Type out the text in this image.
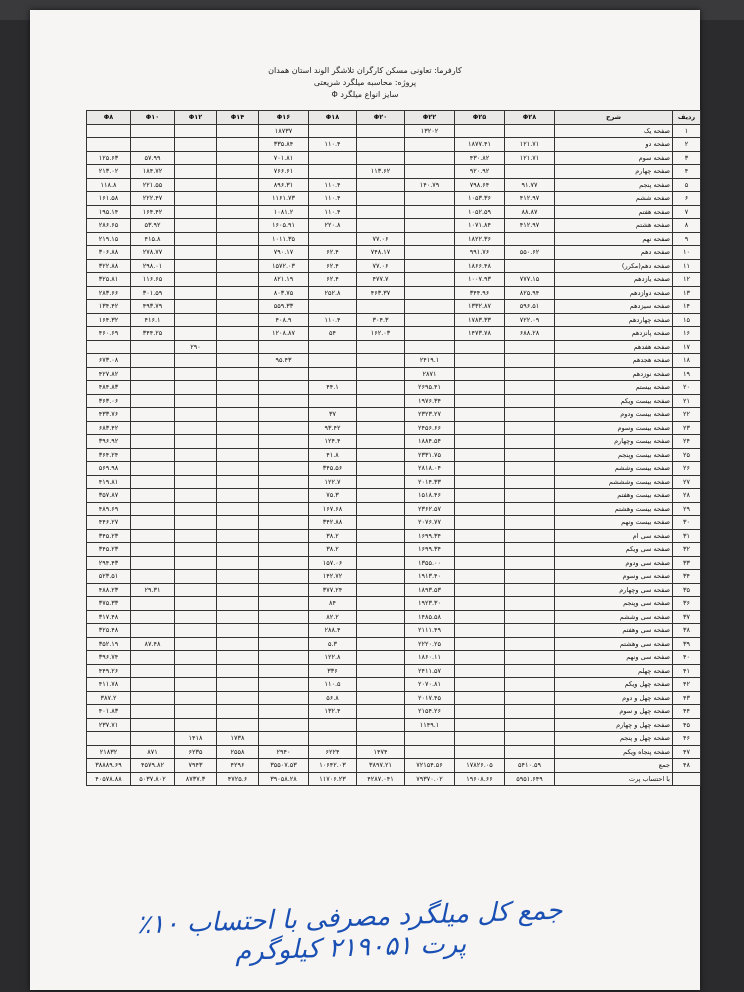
کارفرما: تعاونی مسکن کارگران تلاشگر الوند استان همدان
پروژه: محاسبه میلگرد شریعتی
سایز انواع میلگرد Φ
ردیف	شرح	Φ۲۸	Φ۲۵	Φ۲۲	Φ۲۰	Φ۱۸	Φ۱۶	Φ۱۴	Φ۱۲	Φ۱۰	Φ۸
۱	صفحه یک			۱۳۲۰۲			۱۸۷۳۷				
۲	صفحه دو	۱۲۱.۷۱	۱۸۷۷.۴۱			۱۱۰.۴	۳۳۵.۸۴				
۳	صفحه سوم	۱۲۱.۷۱	۴۳۰.۸۲				۷۰۱.۸۱			۵۷.۹۹	۱۲۵.۶۳
۴	صفحه چهارم		۹۲۰.۹۲		۱۱۳.۶۲		۷۶۶.۶۱			۱۸۴.۷۲	۲۱۳.۰۲
۵	صفحه پنجم	۹۱.۷۷	۷۹۸.۶۴	۱۴۰.۷۹		۱۱۰.۴	۸۹۶.۳۱			۲۲۱.۵۵	۱۱۸.۸
۶	صفحه ششم	۴۱۲.۹۷	۱۰۵۳.۳۶			۱۱۰.۴	۱۱۶۱.۷۳			۲۲۲.۴۷	۱۶۱.۵۸
۷	صفحه هفتم	۸۸.۸۷	۱۰۵۲.۵۹			۱۱۰.۴	۱۰۸۱.۲			۱۶۴.۴۲	۱۹۵.۱۴
۸	صفحه هشتم	۴۱۲.۹۷	۱۰۷۱.۸۴			۲۲۰.۸	۱۶۰۵.۹۱			۵۳.۹۲	۲۸۶.۶۵
۹	صفحه نهم		۱۸۲۲.۳۶		۷۷.۰۶		۱۰۱۱.۳۵			۴۱۵.۸	۲۱۹.۱۵
۱۰	صفحه دهم	۵۵۰.۶۲	۹۹۱.۷۶		۷۴۸.۱۷	۶۲.۴	۷۹۰.۱۷			۲۷۸.۷۷	۳۰۶.۸۸
۱۱	صفحه دهم(مکرر)		۱۸۶۶.۴۸		۷۷.۰۶	۶۲.۴	۱۵۷۲.۰۳			۲۹۸.۰۱	۳۲۲.۸۸
۱۲	صفحه یازدهم	۷۷۷.۱۵	۱۰۰۷.۹۳		۴۷۷.۷	۶۲.۴	۸۲۱.۱۹			۱۱۶.۶۵	۳۲۵.۸۱
۱۳	صفحه دوازدهم	۸۲۵.۹۴	۳۴۴.۹۶		۴۶۳.۳۷	۲۵۲.۸	۸۰۳.۷۵			۳۰۱.۵۹	۲۸۳.۶۶
۱۴	صفحه سیزدهم	۵۹۶.۵۱	۱۳۳۲.۸۷				۵۵۹.۳۳			۴۹۳.۷۹	۱۳۴.۴۲
۱۵	صفحه چهاردهم	۷۲۲.۰۹	۱۷۸۳.۳۳		۳۰۴.۳	۱۱۰.۴	۴۰۸.۹			۴۱۶.۱	۱۶۴.۳۲
۱۶	صفحه پانزدهم	۶۸۸.۲۸	۱۴۷۳.۷۸		۱۶۲.۰۳	۵۴	۱۲۰۸.۸۷			۳۴۴.۲۵	۴۶۰.۶۹
۱۷	صفحه هفدهم								۲۹۰		
۱۸	صفحه هجدهم			۲۴۱۹.۱			۹۵.۴۳				۶۷۳.۰۸
۱۹	صفحه نوزدهم			۲۸۷۱							۴۲۷.۸۲
۲۰	صفحه بیستم			۲۶۹۵.۴۱		۴۴.۱					۴۸۴.۸۳
۲۱	صفحه بیست ویکم			۱۹۷۶.۳۴							۳۶۳.۰۶
۲۲	صفحه بیست ودوم			۲۳۲۳.۲۷		۳۷					۴۳۳.۷۶
۲۳	صفحه بیست وسوم			۲۴۵۶.۶۶		۹۳.۴۲					۶۸۳.۴۲
۲۴	صفحه بیست وچهارم			۱۸۸۴.۵۴		۱۲۴.۴					۳۹۶.۹۲
۲۵	صفحه بیست وپنجم			۲۳۳۱.۷۵		۴۱.۸					۳۶۴.۲۴
۲۶	صفحه بیست وششم			۲۸۱۸.۰۴		۳۴۵.۵۶					۵۶۹.۹۸
۲۷	صفحه بیست وشششم			۲۰۱۴.۳۳		۱۲۲.۷					۴۱۹.۸۱
۲۸	صفحه بیست وهفتم			۱۵۱۸.۴۶		۷۵.۳					۳۵۷.۸۷
۲۹	صفحه بیست وهشتم			۲۳۶۲.۵۷		۱۶۷.۶۸					۴۸۹.۶۹
۳۰	صفحه بیست ونهم			۲۰۷۶.۷۷		۳۴۲.۸۸					۴۴۶.۲۷
۳۱	صفحه سی ام			۱۶۹۹.۳۴		۳۸.۲					۳۴۵.۲۳
۳۲	صفحه سی ویکم			۱۶۹۹.۳۴		۳۸.۲					۳۴۵.۲۳
۳۳	صفحه سی ودوم			۱۳۵۵.۰۰		۱۵۷.۰۶					۲۹۴.۴۳
۳۴	صفحه سی وسوم			۱۹۱۳.۴۰		۱۴۲.۷۲					۵۲۳.۵۱
۳۵	صفحه سی وچهارم			۱۸۹۳.۵۳		۳۷۷.۲۴				۲۹.۳۱	۴۸۸.۲۳
۳۶	صفحه سی وپنجم			۱۹۲۳.۳۰		۸۴					۳۷۵.۳۳
۳۷	صفحه سی وششم			۱۴۸۵.۵۸		۸۲.۲					۳۱۷.۴۸
۳۸	صفحه سی وهفتم			۲۱۱۱.۴۹		۲۸۸.۴					۳۲۵.۴۸
۳۹	صفحه سی وهشتم			۲۲۲۰.۲۵		۵.۳				۸۷.۴۸	۳۵۲.۱۹
۴۰	صفحه سی ونهم			۱۸۶۰.۱۱		۱۲۲.۸					۳۹۶.۷۴
۴۱	صفحه چهلم			۲۴۱۱.۵۷		۳۳۶					۴۴۹.۲۶
۴۲	صفحه چهل ویکم			۲۰۷۰.۸۱		۱۱۰.۵					۴۱۱.۷۸
۴۳	صفحه چهل و دوم			۲۰۱۷.۴۵		۵۶.۸					۳۸۷.۲
۴۴	صفحه چهل و سوم			۲۱۵۴.۲۶		۱۳۲.۴					۴۰۱.۸۳
۴۵	صفحه چهل و چهارم			۱۱۴۹.۱							۲۳۷.۷۱
۴۶	صفحه چهل و پنجم							۱۷۳۸	۱۴۱۸		
۴۷	صفحه پنجاه ویکم				۱۴۷۴	۶۲۲۴	۲۹۴۰	۲۵۵۸	۶۲۳۵	۸۷۱	۲۱۸۳۲
۴۸	جمع	۵۴۱۰.۵۹	۱۷۸۲۶.۰۵	۷۲۱۵۴.۵۶	۳۸۹۷.۲۱	۱۰۶۴۲.۰۳	۳۵۵۰۷.۵۳	۴۲۹۶	۷۹۴۳	۴۵۷۹.۸۲	۳۸۸۸۹.۶۹
	با احتساب پرت	۵۹۵۱.۶۴۹	۱۹۶۰۸.۶۶	۷۹۳۷۰.۰۲	۴۲۸۷.۰۴۱	۱۱۷۰۶.۲۳	۳۹۰۵۸.۲۸	۴۷۲۵.۶	۸۷۳۷.۳	۵۰۳۷.۸۰۲	۴۰۵۷۸.۸۸
جمع کل میلگرد مصرفی با احتساب ۱۰٪ پرت ۲۱۹۰۵۱ کیلوگرم
